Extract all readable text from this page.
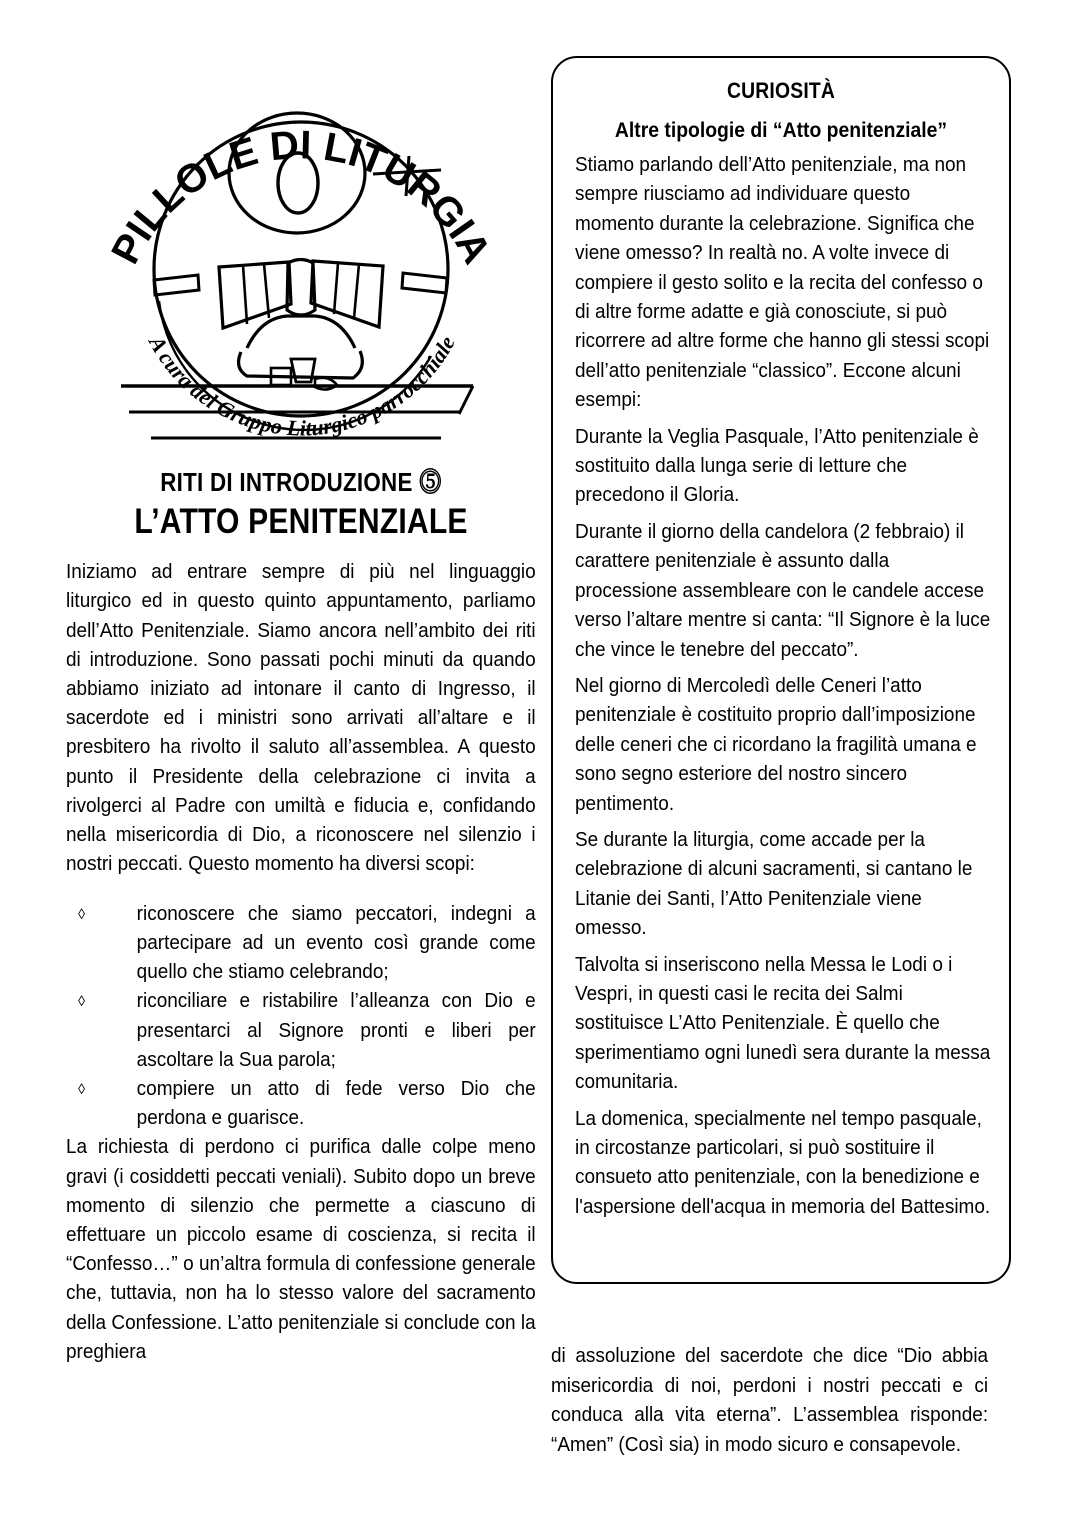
PILLOLE DI LITURGIA
A cura del Gruppo Liturgico parrocchiale
RITI DI INTRODUZIONE ⓹
L’ATTO PENITENZIALE

Iniziamo ad entrare sempre di più nel linguaggio liturgico ed in questo quinto appuntamento, parliamo dell’Atto Penitenziale. Siamo ancora nell’ambito dei riti di introduzione. Sono passati pochi minuti da quando abbiamo iniziato ad intonare il canto di Ingresso, il sacerdote ed i ministri sono arrivati all’altare e il presbitero ha rivolto il saluto all’assemblea. A questo punto il Presidente della celebrazione ci invita a rivolgerci al Padre con umiltà e fiducia e, confidando nella misericordia di Dio, a riconoscere nel silenzio i nostri peccati. Questo momento ha diversi scopi:

◊	riconoscere che siamo peccatori, indegni a partecipare ad un evento così grande come quello che stiamo celebrando;
◊	riconciliare e ristabilire l’alleanza con Dio e presentarci al Signore pronti e liberi per ascoltare la Sua parola;
◊	compiere un atto di fede verso Dio che perdona e guarisce.

La richiesta di perdono ci purifica dalle colpe meno gravi (i cosiddetti peccati veniali). Subito dopo un breve momento di silenzio che permette a ciascuno di effettuare un piccolo esame di coscienza, si recita il “Confesso…” o un’altra formula di confessione generale che, tuttavia, non ha lo stesso valore del sacramento della Confessione. L’atto penitenziale si conclude con la preghiera

CURIOSITÀ
Altre tipologie di “Atto penitenziale”

Stiamo parlando dell’Atto penitenziale, ma non sempre riusciamo ad individuare questo momento durante la celebrazione. Significa che viene omesso? In realtà no. A volte invece di compiere il gesto solito e la recita del confesso o di altre forme adatte e già conosciute, si può ricorrere ad altre forme che hanno gli stessi scopi dell’atto penitenziale “classico”. Eccone alcuni esempi:

Durante la Veglia Pasquale, l’Atto penitenziale è sostituito dalla lunga serie di letture che precedono il Gloria.

Durante il giorno della candelora (2 febbraio) il carattere penitenziale è assunto dalla processione assembleare con le candele accese verso l’altare mentre si canta: “Il Signore è la luce che vince le tenebre del peccato”.

Nel giorno di Mercoledì delle Ceneri l’atto penitenziale è costituito proprio dall’imposizione delle ceneri che ci ricordano la fragilità umana e sono segno esteriore del nostro sincero pentimento.

Se durante la liturgia, come accade per la celebrazione di alcuni sacramenti, si cantano le Litanie dei Santi, l’Atto Penitenziale viene omesso.

Talvolta si inseriscono nella Messa le Lodi o i Vespri, in questi casi le recita dei Salmi sostituisce L’Atto Penitenziale. È quello che sperimentiamo ogni lunedì sera durante la messa comunitaria.

La domenica, specialmente nel tempo pasquale, in circostanze particolari, si può sostituire il consueto atto penitenziale, con la benedizione e l'aspersione dell'acqua in memoria del Battesimo.

di assoluzione del sacerdote che dice “Dio abbia misericordia di noi, perdoni i nostri peccati e ci conduca alla vita eterna”. L’assemblea risponde: “Amen” (Così sia) in modo sicuro e consapevole.
